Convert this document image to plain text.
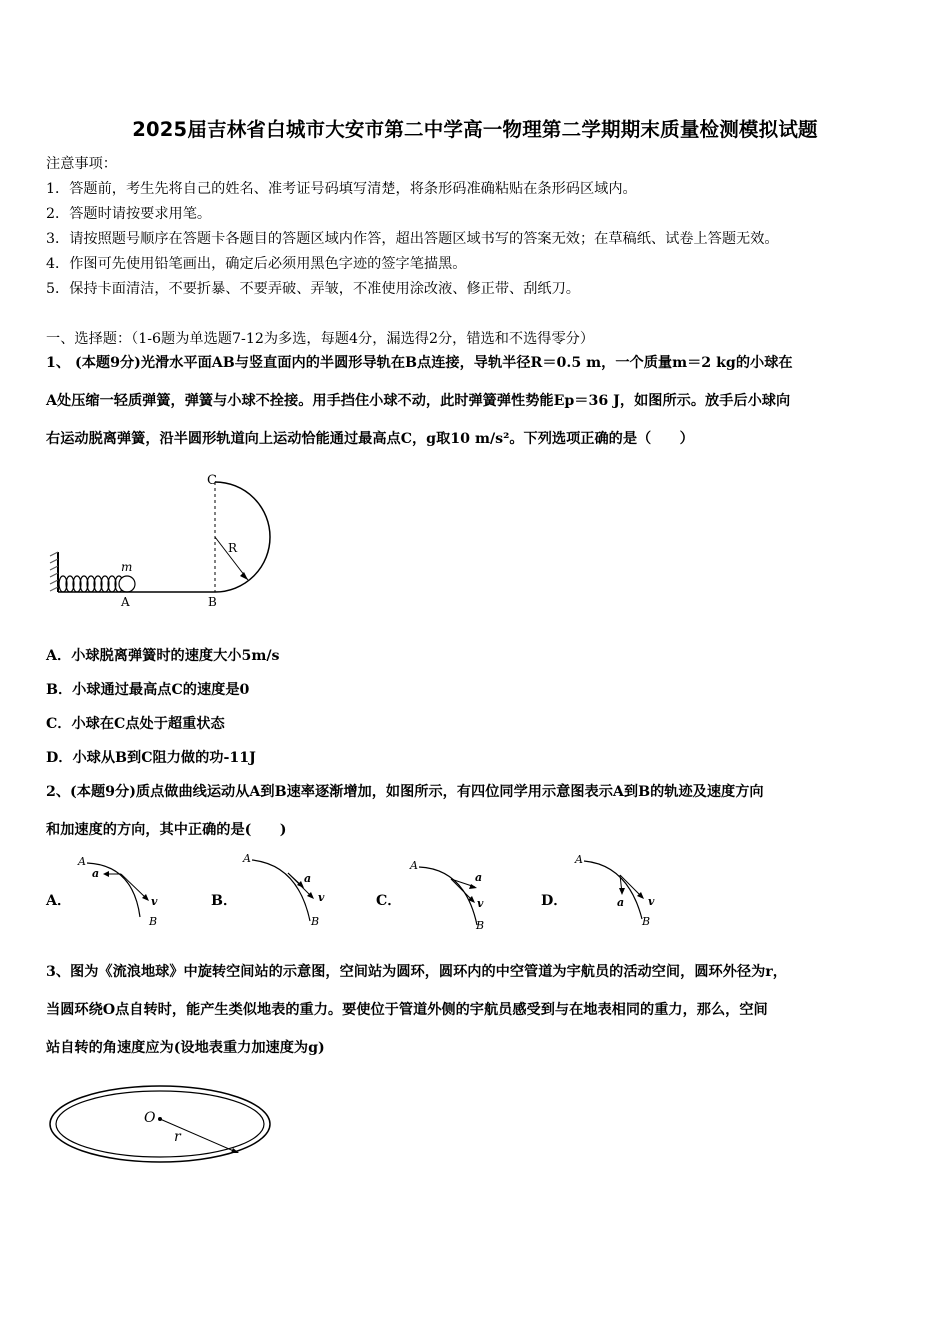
2025届吉林省白城市大安市第二中学高一物理第二学期期末质量检测模拟试题
注意事项：
1．答题前，考生先将自己的姓名、准考证号码填写清楚，将条形码准确粘贴在条形码区域内。
2．答题时请按要求用笔。
3．请按照题号顺序在答题卡各题目的答题区域内作答，超出答题区域书写的答案无效；在草稿纸、试卷上答题无效。
4．作图可先使用铅笔画出，确定后必须用黑色字迹的签字笔描黑。
5．保持卡面清洁，不要折暴、不要弄破、弄皱，不准使用涂改液、修正带、刮纸刀。
一、选择题：（1-6题为单选题7-12为多选，每题4分，漏选得2分，错选和不选得零分）
1、 (本题9分)光滑水平面AB与竖直面内的半圆形导轨在B点连接，导轨半径R＝0.5 m，一个质量m＝2 kg的小球在
A处压缩一轻质弹簧，弹簧与小球不拴接。用手挡住小球不动，此时弹簧弹性势能Ep＝36 J，如图所示。放手后小球向
右运动脱离弹簧，沿半圆形轨道向上运动恰能通过最高点C，g取10 m/s²。下列选项正确的是（　　）
C
R
m
A	B
A．小球脱离弹簧时的速度大小5m/s
B．小球通过最高点C的速度是0
C．小球在C点处于超重状态
D．小球从B到C阻力做的功-11J
2、(本题9分)质点做曲线运动从A到B速率逐渐增加，如图所示，有四位同学用示意图表示A到B的轨迹及速度方向
和加速度的方向，其中正确的是(　　)
A．
A
a
v
B
B．
A
a
v
B
C．
A
a
v
B
D．
A
a v
B
3、图为《流浪地球》中旋转空间站的示意图，空间站为圆环，圆环内的中空管道为宇航员的活动空间，圆环外径为r，
当圆环绕O点自转时，能产生类似地表的重力。要使位于管道外侧的宇航员感受到与在地表相同的重力，那么，空间
站自转的角速度应为(设地表重力加速度为g)
O
r
